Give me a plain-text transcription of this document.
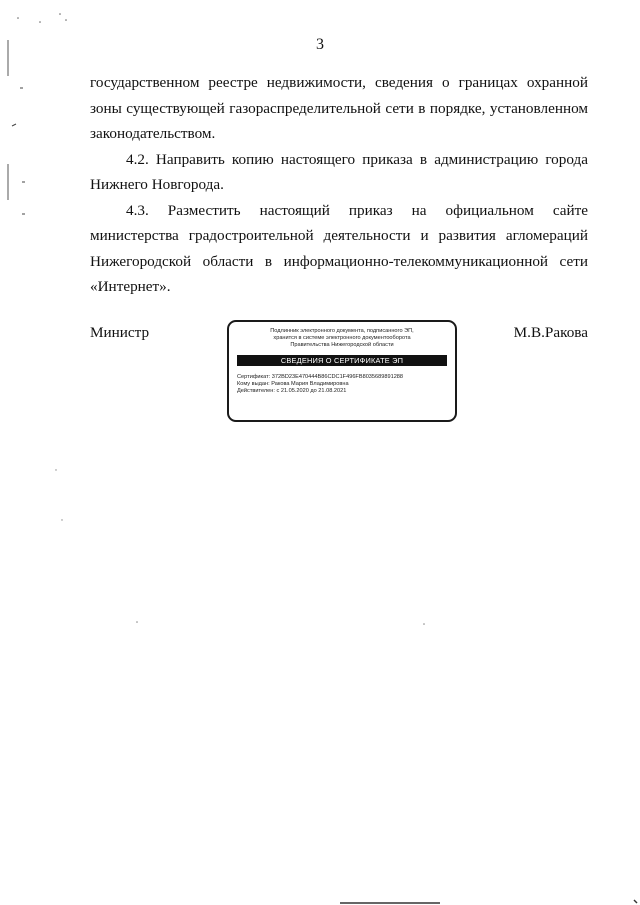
3

государственном реестре недвижимости, сведения о границах охранной зоны существующей газораспределительной сети в порядке, установленном законодательством.

4.2. Направить копию настоящего приказа в администрацию города Нижнего Новгорода.

4.3. Разместить настоящий приказ на официальном сайте министерства градостроительной деятельности и развития агломераций Нижегородской области в информационно-телекоммуникационной сети «Интернет».

Министр	Подлинник электронного документа, подписанного ЭП,
хранится в системе электронного документооборота
Правительства Нижегородской области
СВЕДЕНИЯ О СЕРТИФИКАТЕ ЭП
Сертификат: 372BD23E470444B86CDC1F496FB8035689891288
Кому выдан: Ракова Мария Владимировна
Действителен: с 21.05.2020 до 21.08.2021
М.В.Ракова
